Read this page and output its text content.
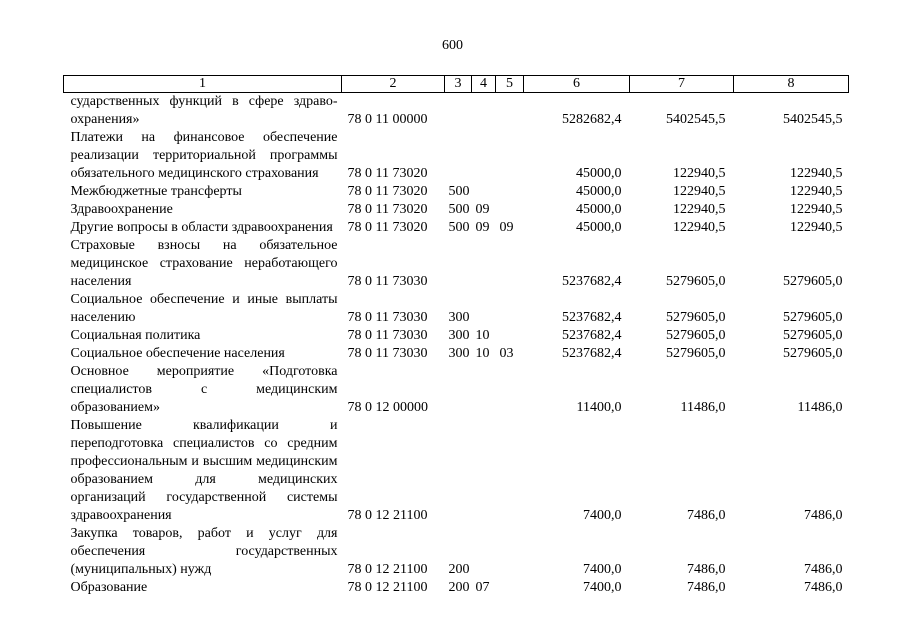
600
1	2	3	4	5	6	7	8
сударственных функций в сфере здраво-охранения»	78 0 11 00000				5282682,4	5402545,5	5402545,5
Платежи на финансовое обеспечение реализации территориальной программы обязательного медицинского страхования	78 0 11 73020				45000,0	122940,5	122940,5
Межбюджетные трансферты	78 0 11 73020	500			45000,0	122940,5	122940,5
Здравоохранение	78 0 11 73020	500	09		45000,0	122940,5	122940,5
Другие вопросы в области здравоохранения	78 0 11 73020	500	09	09	45000,0	122940,5	122940,5
Страховые взносы на обязательное медицинское страхование неработающего населения	78 0 11 73030				5237682,4	5279605,0	5279605,0
Социальное обеспечение и иные выплаты населению	78 0 11 73030	300			5237682,4	5279605,0	5279605,0
Социальная политика	78 0 11 73030	300	10		5237682,4	5279605,0	5279605,0
Социальное обеспечение населения	78 0 11 73030	300	10	03	5237682,4	5279605,0	5279605,0
Основное мероприятие «Подготовка специалистов с медицинским образованием»	78 0 12 00000				11400,0	11486,0	11486,0
Повышение квалификации и переподготовка специалистов со средним профессиональным и высшим медицинским образованием для медицинских организаций государственной системы здравоохранения	78 0 12 21100				7400,0	7486,0	7486,0
Закупка товаров, работ и услуг для обеспечения государственных (муниципальных) нужд	78 0 12 21100	200			7400,0	7486,0	7486,0
Образование	78 0 12 21100	200	07		7400,0	7486,0	7486,0
